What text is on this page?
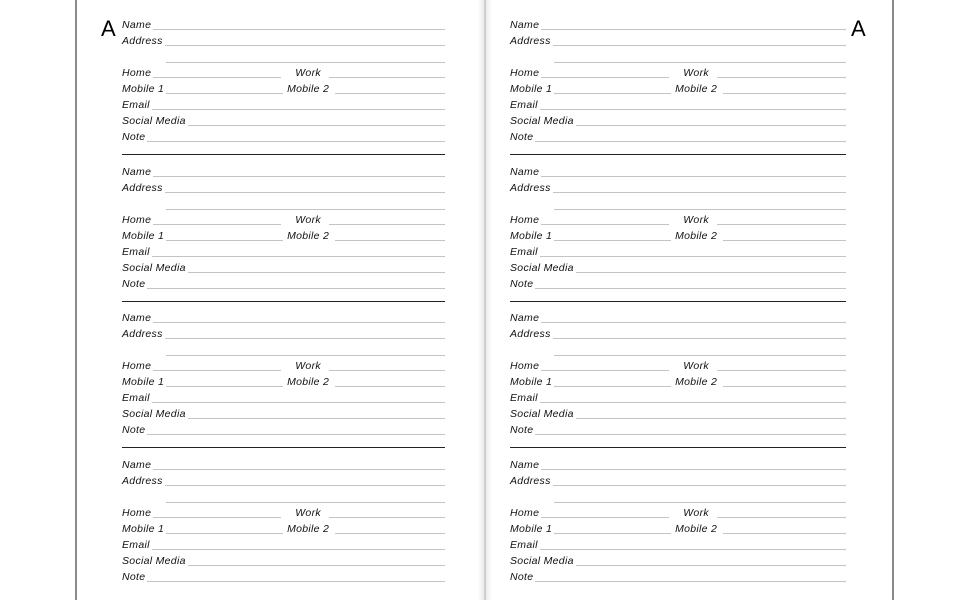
A Name
Address
Home	Work
Mobile 1	Mobile 2
Email
Social Media
Note
Name
Address
Home	Work
Mobile 1	Mobile 2
Email
Social Media
Note
Name
Address
Home	Work
Mobile 1	Mobile 2
Email
Social Media
Note
Name
Address
Home	Work
Mobile 1	Mobile 2
Email
Social Media
Note
A
Name
Address
Home	Work
Mobile 1	Mobile 2
Email
Social Media
Note
Name
Address
Home	Work
Mobile 1	Mobile 2
Email
Social Media
Note
Name
Address
Home	Work
Mobile 1	Mobile 2
Email
Social Media
Note
Name
Address
Home	Work
Mobile 1	Mobile 2
Email
Social Media
Note
